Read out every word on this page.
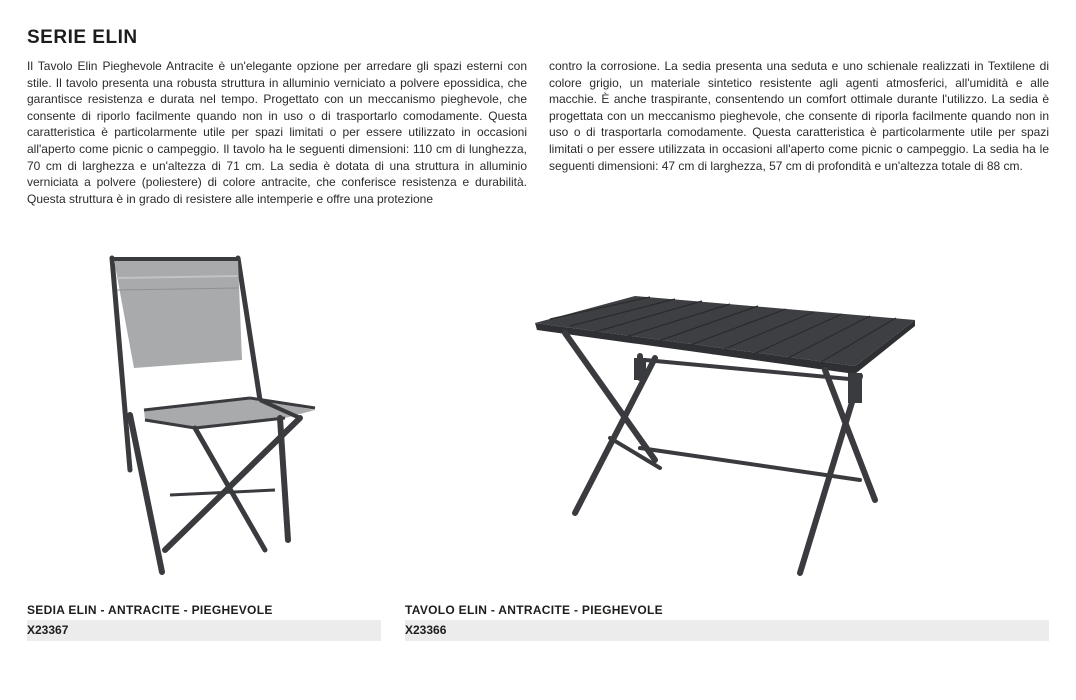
SERIE ELIN
Il Tavolo Elin Pieghevole Antracite è un'elegante opzione per arredare gli spazi esterni con stile. Il tavolo presenta una robusta struttura in alluminio verniciato a polvere epossidica, che garantisce resistenza e durata nel tempo. Progettato con un meccanismo pieghevole, che consente di riporlo facilmente quando non in uso o di trasportarlo comodamente. Questa caratteristica è particolarmente utile per spazi limitati o per essere utilizzato in occasioni all'aperto come picnic o campeggio. Il tavolo ha le seguenti dimensioni: 110 cm di lunghezza, 70 cm di larghezza e un'altezza di 71 cm. La sedia è dotata di una struttura in alluminio verniciata a polvere (poliestere) di colore antracite, che conferisce resistenza e durabilità. Questa struttura è in grado di resistere alle intemperie e offre una protezione
contro la corrosione. La sedia presenta una seduta e uno schienale realizzati in Textilene di colore grigio, un materiale sintetico resistente agli agenti atmosferici, all'umidità e alle macchie. È anche traspirante, consentendo un comfort ottimale durante l'utilizzo. La sedia è progettata con un meccanismo pieghevole, che consente di riporla facilmente quando non in uso o di trasportarla comodamente. Questa caratteristica è particolarmente utile per spazi limitati o per essere utilizzata in occasioni all'aperto come picnic o campeggio. La sedia ha le seguenti dimensioni: 47 cm di larghezza, 57 cm di profondità e un'altezza totale di 88 cm.
SEDIA ELIN - ANTRACITE - PIEGHEVOLE
X23367
TAVOLO ELIN - ANTRACITE - PIEGHEVOLE
X23366
